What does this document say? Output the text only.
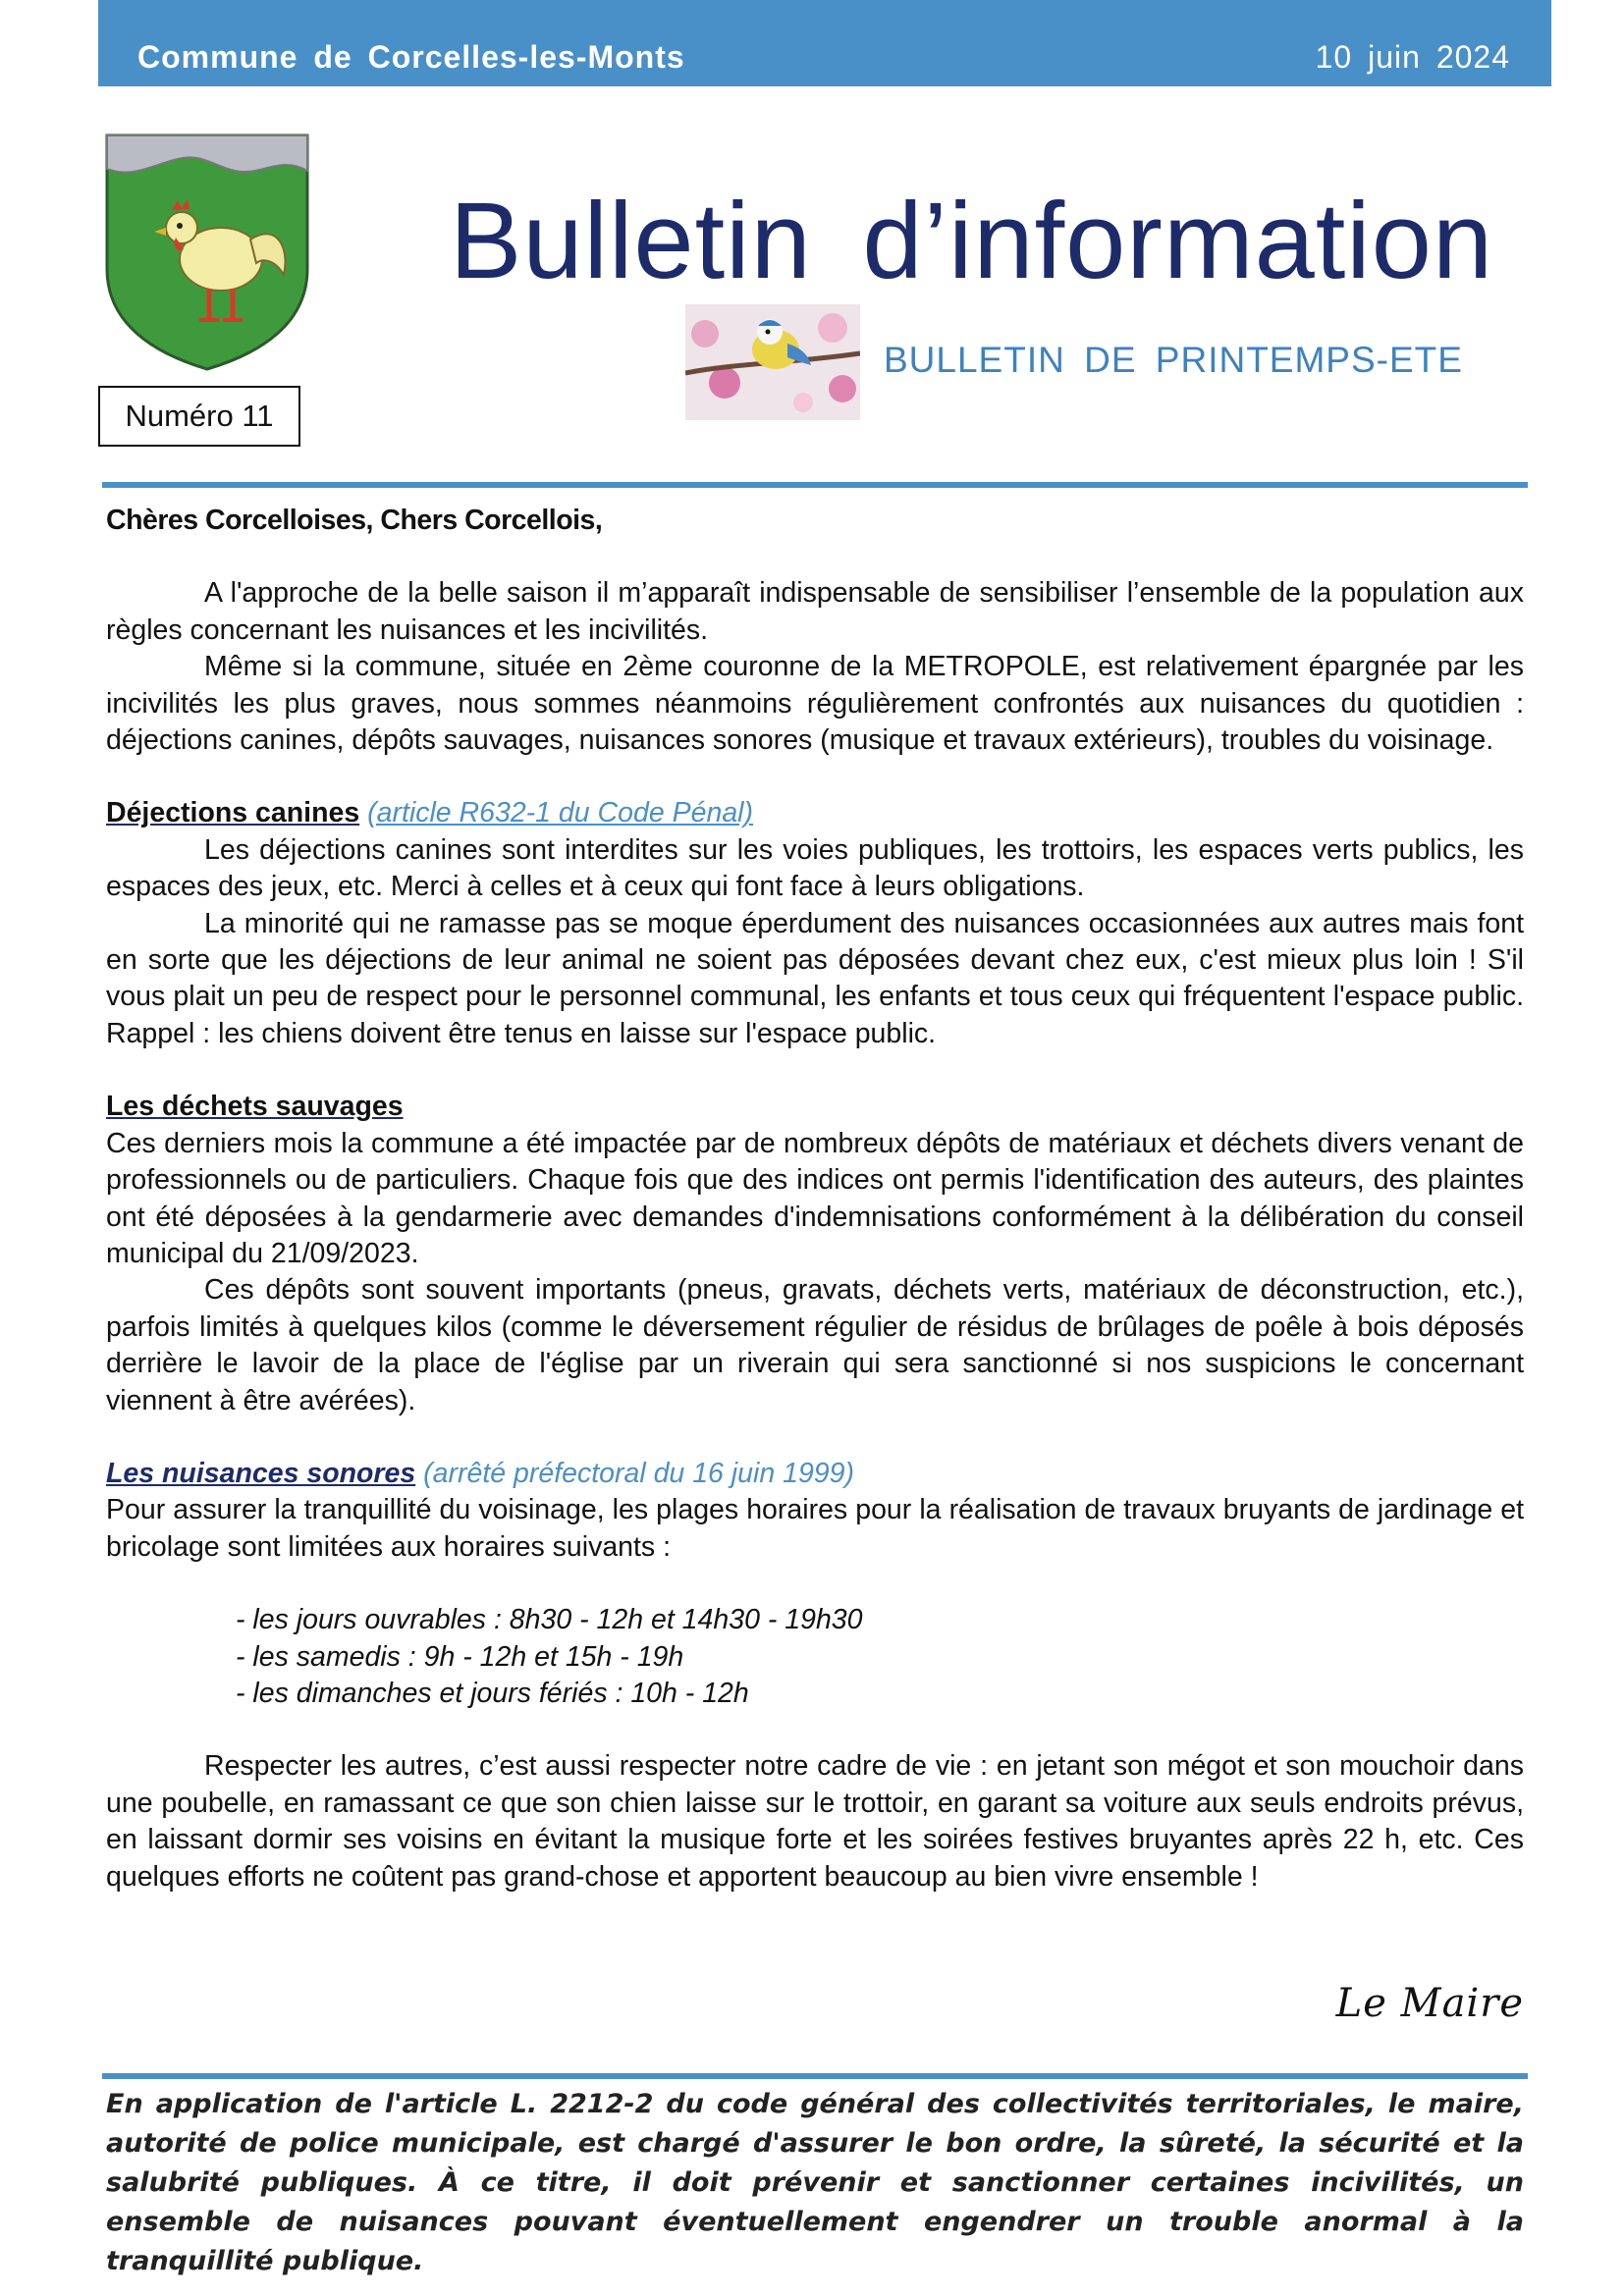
Commune de Corcelles-les-Monts	10 juin 2024
Numéro 11
Bulletin d’information
BULLETIN DE PRINTEMPS-ETE

Chères Corcelloises, Chers Corcellois,

A l'approche de la belle saison il m’apparaît indispensable de sensibiliser l’ensemble de la population aux règles concernant les nuisances et les incivilités.

Même si la commune, située en 2ème couronne de la METROPOLE, est relativement épargnée par les incivilités les plus graves, nous sommes néanmoins régulièrement confrontés aux nuisances du quotidien : déjections canines, dépôts sauvages, nuisances sonores (musique et travaux extérieurs), troubles du voisinage.

Déjections canines (article R632-1 du Code Pénal)

Les déjections canines sont interdites sur les voies publiques, les trottoirs, les espaces verts publics, les espaces des jeux, etc. Merci à celles et à ceux qui font face à leurs obligations.

La minorité qui ne ramasse pas se moque éperdument des nuisances occasionnées aux autres mais font en sorte que les déjections de leur animal ne soient pas déposées devant chez eux, c'est mieux plus loin ! S'il vous plait un peu de respect pour le personnel communal, les enfants et tous ceux qui fréquentent l'espace public. Rappel : les chiens doivent être tenus en laisse sur l'espace public.

Les déchets sauvages

Ces derniers mois la commune a été impactée par de nombreux dépôts de matériaux et déchets divers venant de professionnels ou de particuliers. Chaque fois que des indices ont permis l'identification des auteurs, des plaintes ont été déposées à la gendarmerie avec demandes d'indemnisations conformément à la délibération du conseil municipal du 21/09/2023.

Ces dépôts sont souvent importants (pneus, gravats, déchets verts, matériaux de déconstruction, etc.), parfois limités à quelques kilos (comme le déversement régulier de résidus de brûlages de poêle à bois déposés derrière le lavoir de la place de l'église par un riverain qui sera sanctionné si nos suspicions le concernant viennent à être avérées).

Les nuisances sonores (arrêté préfectoral du 16 juin 1999)

Pour assurer la tranquillité du voisinage, les plages horaires pour la réalisation de travaux bruyants de jardinage et bricolage sont limitées aux horaires suivants :

- les jours ouvrables : 8h30 - 12h et 14h30 - 19h30
- les samedis : 9h - 12h et 15h - 19h
- les dimanches et jours fériés : 10h - 12h

Respecter les autres, c’est aussi respecter notre cadre de vie : en jetant son mégot et son mouchoir dans une poubelle, en ramassant ce que son chien laisse sur le trottoir, en garant sa voiture aux seuls endroits prévus, en laissant dormir ses voisins en évitant la musique forte et les soirées festives bruyantes après 22 h, etc. Ces quelques efforts ne coûtent pas grand-chose et apportent beaucoup au bien vivre ensemble !

Le Maire
En application de l'article L. 2212-2 du code général des collectivités territoriales, le maire, autorité de police municipale, est chargé d'assurer le bon ordre, la sûreté, la sécurité et la salubrité publiques. À ce titre, il doit prévenir et sanctionner certaines incivilités, un ensemble de nuisances pouvant éventuellement engendrer un trouble anormal à la tranquillité publique.
